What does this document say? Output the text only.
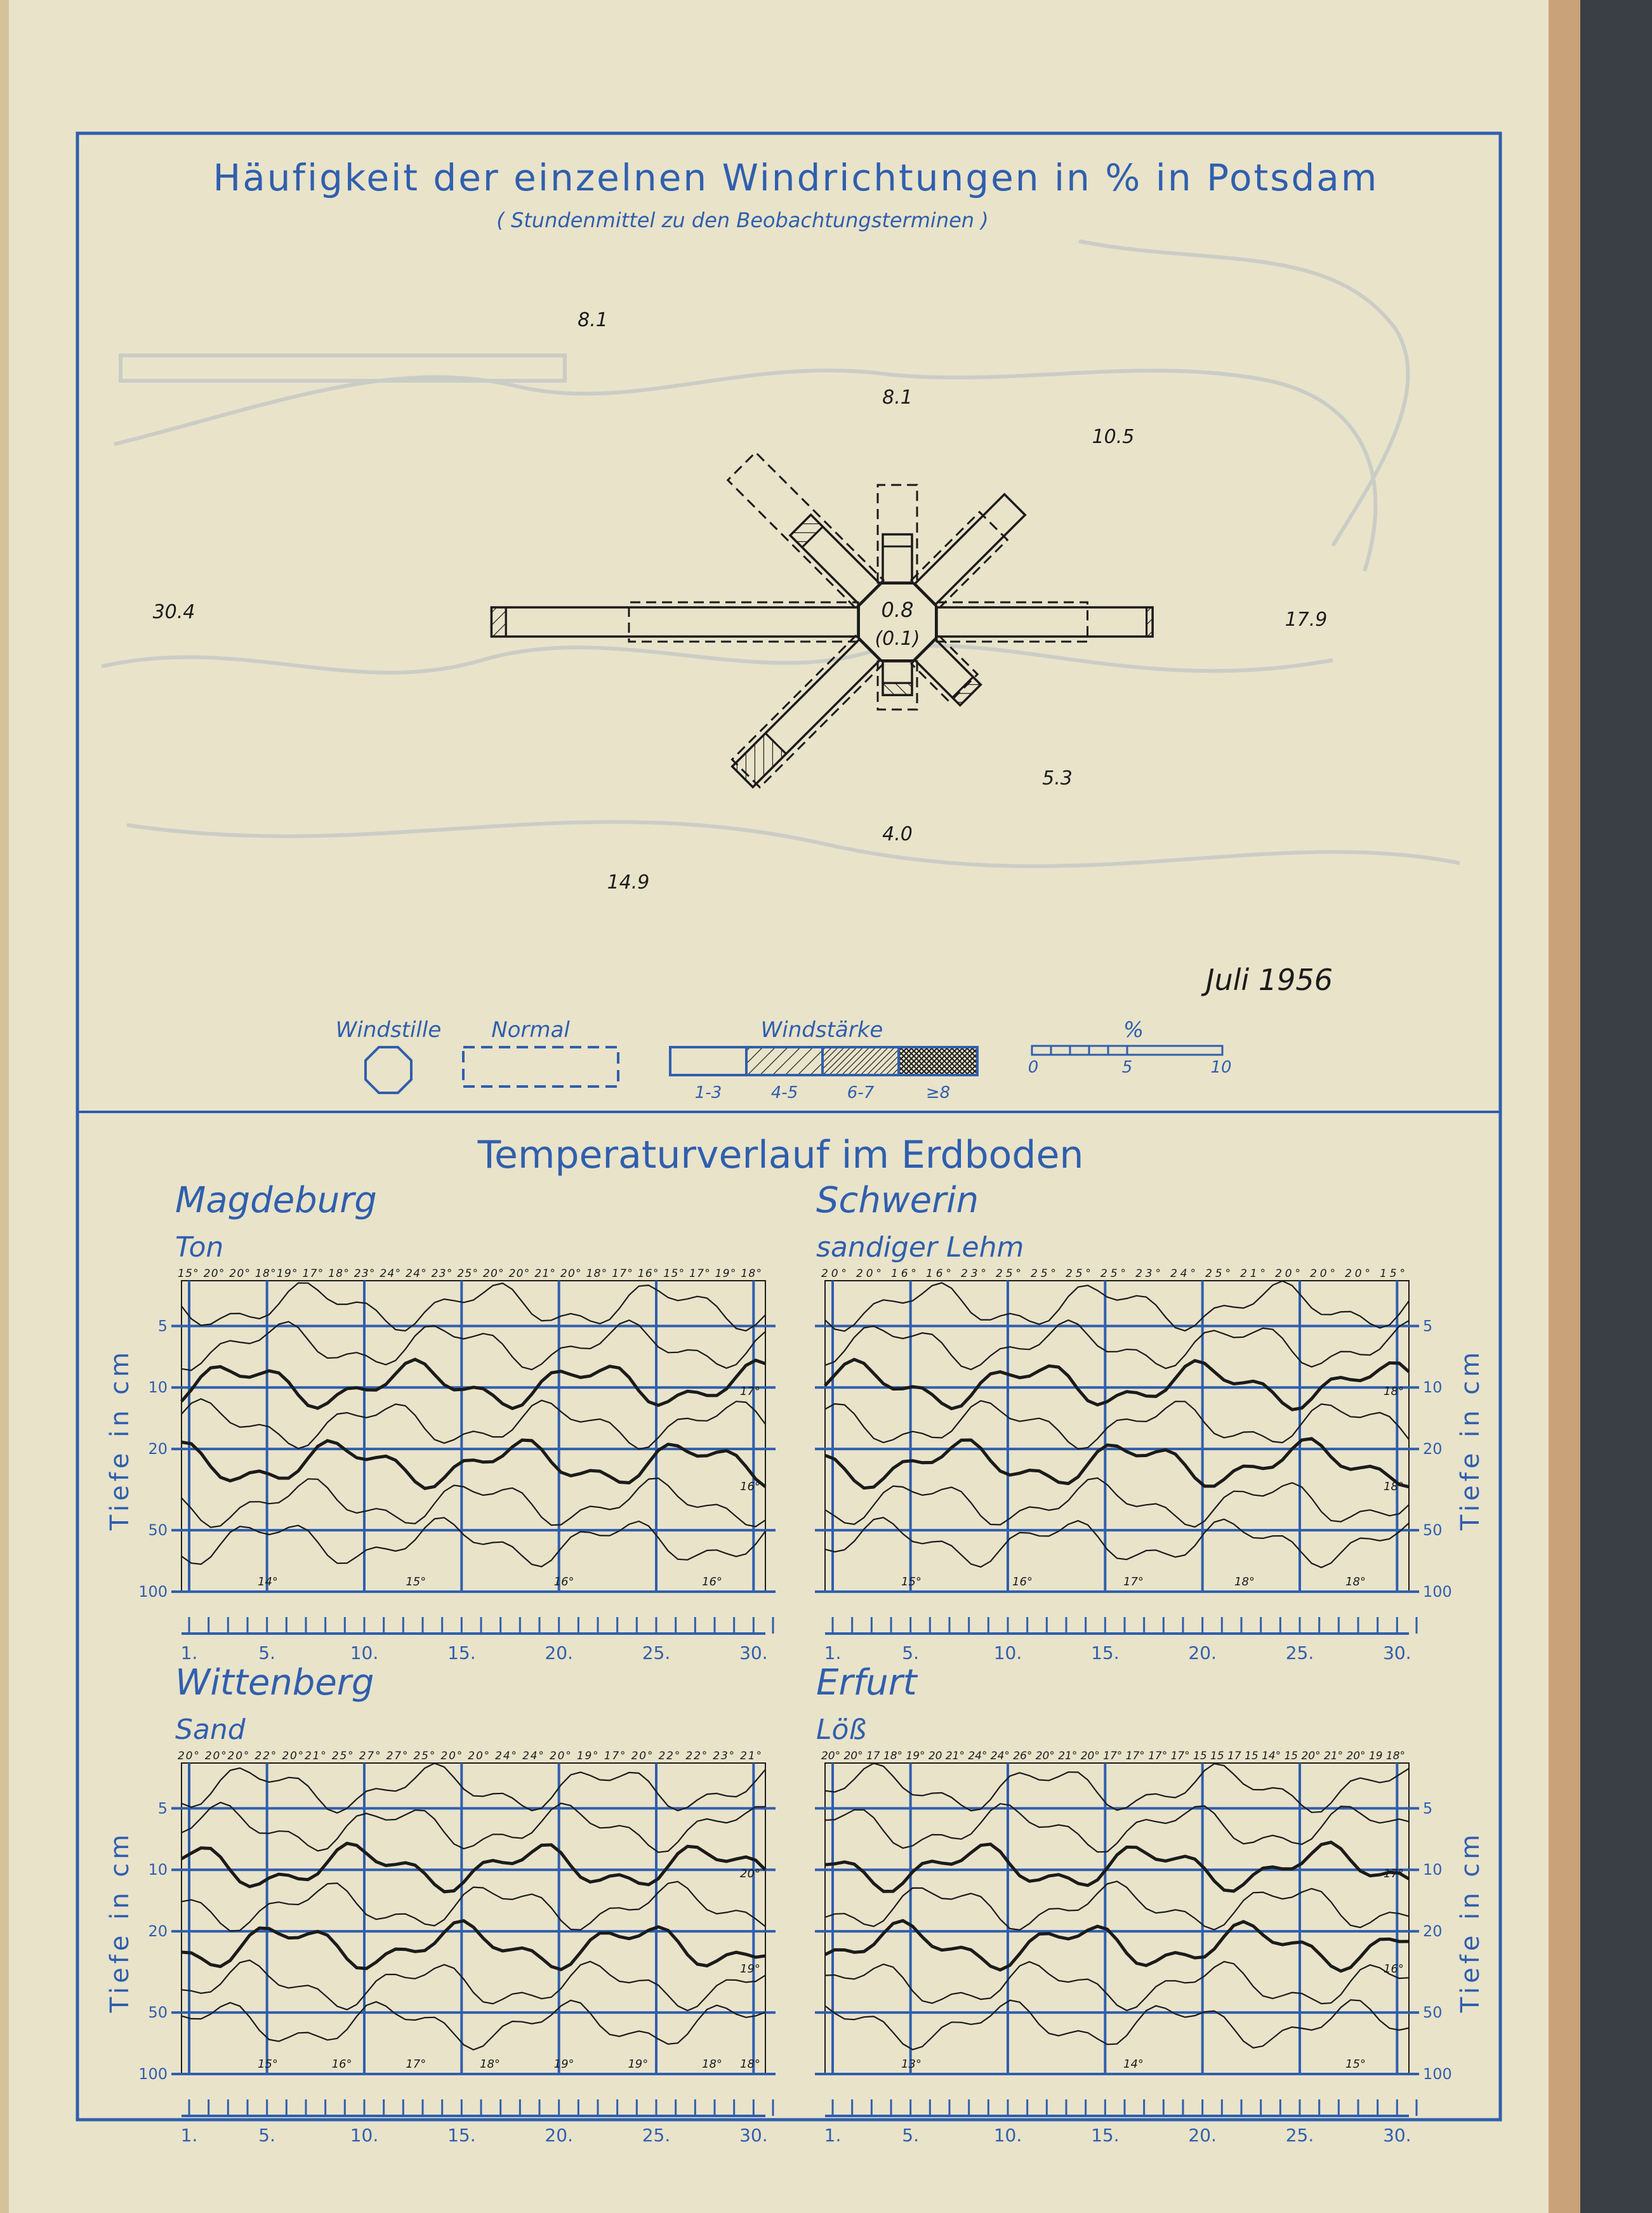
Häufigkeit der einzelnen Windrichtungen in % in Potsdam
( Stundenmittel zu den Beobachtungsterminen )
8.1
10.5
17.9
5.3
4.0
14.9
30.4
8.1
0.8
(0.1)
Juli 1956
Windstille Normal	Windstärke
1-3	4-5	6-7	≥8
%
0	5	10
Temperaturverlauf im Erdboden
Magdeburg
Ton
15° 20° 20° 18°19° 17° 18° 23° 24° 24° 23° 25° 20° 20° 21° 20° 18° 17° 16° 15° 17° 19° 18°
5
10
20
50
100
14°	15°	16°	16°
17°
16°
1.	5.	10.	15.	20.	25.	30.
Tiefe in cm
Schwerin
sandiger Lehm
20° 20° 16° 16° 23° 25° 25° 25° 25° 23° 24° 25° 21° 20° 20° 20° 15°
5
10
20
50
100
15°	16°	17°	18°	18°
18°
18°
1.	5.	10.	15.	20.	25.	30.
Tiefe in cm
Wittenberg
Sand
20° 20°20° 22° 20°21° 25° 27° 27° 25° 20° 20° 24° 24° 20° 19° 17° 20° 22° 22° 23° 21°
5
10
20
50
100
15°	16°	17°	18°	19°	19°	18°
20°
19°
18°
1.	5.	10.	15.	20.	25.	30.
Tiefe in cm
Erfurt
Löß
20° 20° 17 18° 19° 20 21° 24° 24° 26° 20° 21° 20° 17° 17° 17° 17° 15 15 17 15 14° 15 20° 21° 20° 19 18°
5
10
20
50
100
13°	14°	15°
17°
16°
1.	5.	10.	15.	20.	25.	30.
Tiefe in cm
